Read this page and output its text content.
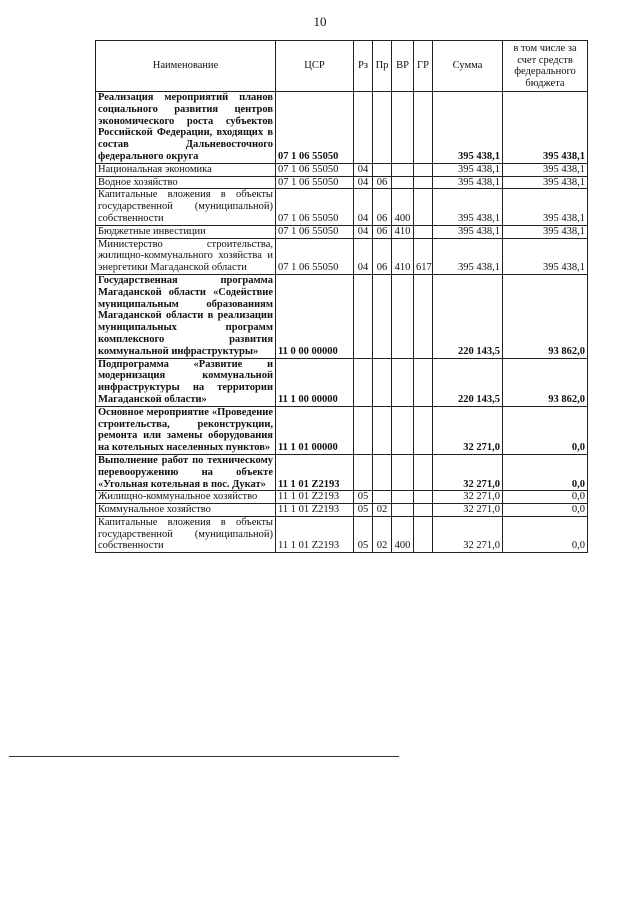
10
Наименование	ЦСР	Рз	Пр	ВР	ГР	Сумма	в том числе за счет средств федерального бюджета
Реализация мероприятий планов социального развития центров экономического роста субъектов Российской Федерации, входящих в состав Дальневосточного федерального округа	07 1 06 55050					395 438,1	395 438,1
Национальная экономика	07 1 06 55050	04				395 438,1	395 438,1
Водное хозяйство	07 1 06 55050	04	06			395 438,1	395 438,1
Капитальные вложения в объекты государственной (муниципальной) собственности	07 1 06 55050	04	06	400		395 438,1	395 438,1
Бюджетные инвестиции	07 1 06 55050	04	06	410		395 438,1	395 438,1
Министерство строительства, жилищно-коммунального хозяйства и энергетики Магаданской области	07 1 06 55050	04	06	410	617	395 438,1	395 438,1
Государственная программа Магаданской области «Содействие муниципальным образованиям Магаданской области в реализации муниципальных программ комплексного развития коммунальной инфраструктуры»	11 0 00 00000					220 143,5	93 862,0
Подпрограмма «Развитие и модернизация коммунальной инфраструктуры на территории Магаданской области»	11 1 00 00000					220 143,5	93 862,0
Основное мероприятие «Проведение строительства, реконструкции, ремонта или замены оборудования на котельных населенных пунктов»	11 1 01 00000					32 271,0	0,0
Выполнение работ по техническому перевооружению на объекте «Угольная котельная в пос. Дукат»	11 1 01 Z2193					32 271,0	0,0
Жилищно-коммунальное хозяйство	11 1 01 Z2193	05				32 271,0	0,0
Коммунальное хозяйство	11 1 01 Z2193	05	02			32 271,0	0,0
Капитальные вложения в объекты государственной (муниципальной) собственности	11 1 01 Z2193	05	02	400		32 271,0	0,0
